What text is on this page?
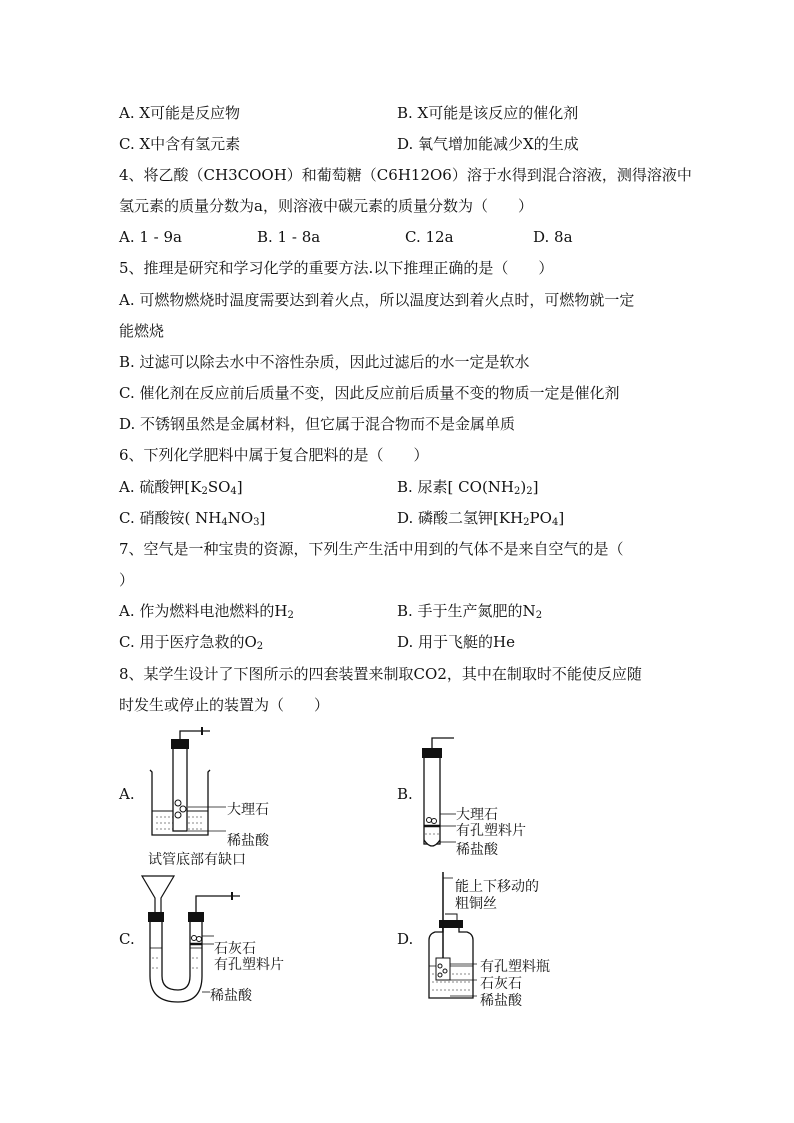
A. X可能是反应物	B. X可能是该反应的催化剂
C. X中含有氢元素	D. 氧气增加能减少X的生成
4、将乙酸（CH3COOH）和葡萄糖（C6H12O6）溶于水得到混合溶液，测得溶液中
氢元素的质量分数为a，则溶液中碳元素的质量分数为（　　）
A. 1 - 9a	B. 1 - 8a	C. 12a	D. 8a
5、推理是研究和学习化学的重要方法.以下推理正确的是（　　）
A. 可燃物燃烧时温度需要达到着火点，所以温度达到着火点时，可燃物就一定
能燃烧
B. 过滤可以除去水中不溶性杂质，因此过滤后的水一定是软水
C. 催化剂在反应前后质量不变，因此反应前后质量不变的物质一定是催化剂
D. 不锈钢虽然是金属材料，但它属于混合物而不是金属单质
6、下列化学肥料中属于复合肥料的是（　　）
A. 硫酸钾$[K_2SO_4]$	B. 尿素[ $CO(NH_2)_2$]
C. 硝酸铵( $NH_4NO_3$]	D. 磷酸二氢钾$[KH_2PO_4]$
7、空气是一种宝贵的资源，下列生产生活中用到的气体不是来自空气的是（
）
A. 作为燃料电池燃料的$H_2$	B. 手于生产氮肥的$N_2$
C. 用于医疗急救的$O_2$	D. 用于飞艇的He
8、某学生设计了下图所示的四套装置来制取CO2，其中在制取时不能使反应随
时发生或停止的装置为（　　）
A.
大理石
稀盐酸
试管底部有缺口
B.
大理石
有孔塑料片
稀盐酸
C.
石灰石
有孔塑料片
稀盐酸
D.
能上下移动的
粗铜丝
有孔塑料瓶
石灰石
稀盐酸
